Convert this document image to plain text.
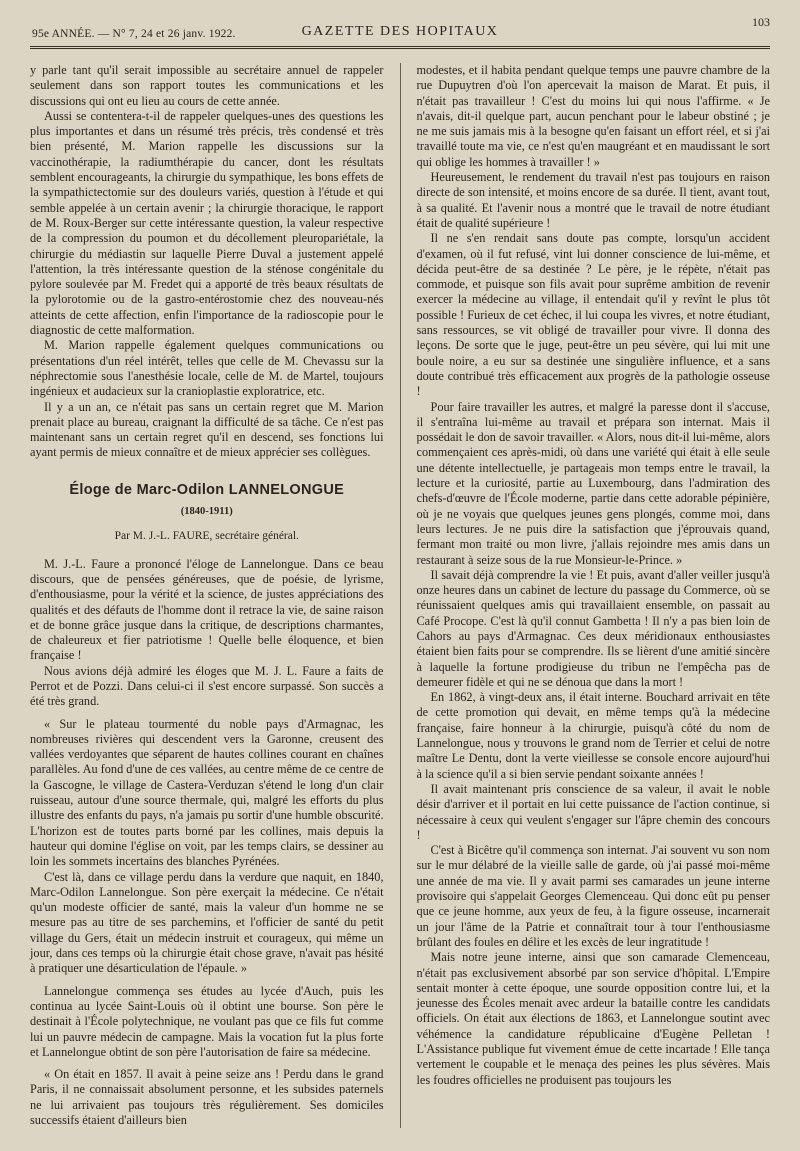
95e ANNÉE. — N° 7, 24 et 26 janv. 1922.	GAZETTE DES HOPITAUX
103

y parle tant qu'il serait impossible au secrétaire annuel de rappeler seulement dans son rapport toutes les communications et les discussions qui ont eu lieu au cours de cette année.

Aussi se contentera-t-il de rappeler quelques-unes des questions les plus importantes et dans un résumé très précis, très condensé et très bien présenté, M. Marion rappelle les discussions sur la vaccinothérapie, la radiumthérapie du cancer, dont les résultats semblent encourageants, la chirurgie du sympathique, les bons effets de la sympathictectomie sur des douleurs variés, question à l'étude et qui semble appelée à un certain avenir ; la chirurgie thoracique, le rapport de M. Roux-Berger sur cette intéressante question, la valeur respective de la compression du poumon et du décollement pleuropariétale, la chirurgie du médiastin sur laquelle Pierre Duval a justement appelé l'attention, la très intéressante question de la sténose congénitale du pylore soulevée par M. Fredet qui a apporté de très beaux résultats de la pylorotomie ou de la gastro-entérostomie chez des nouveau-nés atteints de cette affection, enfin l'importance de la radioscopie pour le diagnostic de cette malformation.

M. Marion rappelle également quelques communications ou présentations d'un réel intérêt, telles que celle de M. Chevassu sur la néphrectomie sous l'anesthésie locale, celle de M. de Martel, toujours ingénieux et audacieux sur la cranioplastie exploratrice, etc.

Il y a un an, ce n'était pas sans un certain regret que M. Marion prenait place au bureau, craignant la difficulté de sa tâche. Ce n'est pas maintenant sans un certain regret qu'il en descend, ses fonctions lui ayant permis de mieux connaître et de mieux apprécier ses collègues.

Éloge de Marc-Odilon LANNELONGUE
(1840-1911)
Par M. J.-L. FAURE, secrétaire général.

M. J.-L. Faure a prononcé l'éloge de Lannelongue. Dans ce beau discours, que de pensées généreuses, que de poésie, de lyrisme, d'enthousiasme, pour la vérité et la science, de justes appréciations des qualités et des défauts de l'homme dont il retrace la vie, de saine raison et de bonne grâce jusque dans la critique, de descriptions charmantes, de chaleureux et fier patriotisme ! Quelle belle éloquence, et bien française !

Nous avions déjà admiré les éloges que M. J. L. Faure a faits de Perrot et de Pozzi. Dans celui-ci il s'est encore surpassé. Son succès a été très grand.

« Sur le plateau tourmenté du noble pays d'Armagnac, les nombreuses rivières qui descendent vers la Garonne, creusent des vallées verdoyantes que séparent de hautes collines courant en chaînes parallèles. Au fond d'une de ces vallées, au centre même de ce centre de la Gascogne, le village de Castera-Verduzan s'étend le long d'un clair ruisseau, autour d'une source thermale, qui, malgré les efforts du plus illustre des enfants du pays, n'a jamais pu sortir d'une humble obscurité. L'horizon est de toutes parts borné par les collines, mais depuis la hauteur qui domine l'église on voit, par les temps clairs, se dessiner au loin les sommets incertains des blanches Pyrénées.

C'est là, dans ce village perdu dans la verdure que naquit, en 1840, Marc-Odilon Lannelongue. Son père exerçait la médecine. Ce n'était qu'un modeste officier de santé, mais la valeur d'un homme ne se mesure pas au titre de ses parchemins, et l'officier de santé du petit village du Gers, était un médecin instruit et courageux, qui même un jour, dans ces temps où la chirurgie était chose grave, n'avait pas hésité à pratiquer une désarticulation de l'épaule. »

Lannelongue commença ses études au lycée d'Auch, puis les continua au lycée Saint-Louis où il obtint une bourse. Son père le destinait à l'École polytechnique, ne voulant pas que ce fils fut comme lui un pauvre médecin de campagne. Mais la vocation fut la plus forte et Lannelongue obtint de son père l'autorisation de faire sa médecine.

« On était en 1857. Il avait à peine seize ans ! Perdu dans le grand Paris, il ne connaissait absolument personne, et les subsides paternels ne lui arrivaient pas toujours très régulièrement. Ses domiciles successifs étaient d'ailleurs bien

modestes, et il habita pendant quelque temps une pauvre chambre de la rue Dupuytren d'où l'on apercevait la maison de Marat. Et puis, il n'était pas travailleur ! C'est du moins lui qui nous l'affirme. « Je n'avais, dit-il quelque part, aucun penchant pour le labeur obstiné ; je ne me suis jamais mis à la besogne qu'en faisant un effort réel, et si j'ai travaillé toute ma vie, ce n'est qu'en maugréant et en maudissant le sort qui oblige les hommes à travailler ! »

Heureusement, le rendement du travail n'est pas toujours en raison directe de son intensité, et moins encore de sa durée. Il tient, avant tout, à sa qualité. Et l'avenir nous a montré que le travail de notre étudiant était de qualité supérieure !

Il ne s'en rendait sans doute pas compte, lorsqu'un accident d'examen, où il fut refusé, vint lui donner conscience de lui-même, et décida peut-être de sa destinée ? Le père, je le répète, n'était pas commode, et puisque son fils avait pour suprême ambition de revenir exercer la médecine au village, il entendait qu'il y revînt le plus tôt possible ! Furieux de cet échec, il lui coupa les vivres, et notre étudiant, sans ressources, se vit obligé de travailler pour vivre. Il donna des leçons. De sorte que le juge, peut-être un peu sévère, qui lui mit une boule noire, a eu sur sa destinée une singulière influence, et a sans doute contribué très efficacement aux progrès de la pathologie osseuse !

Pour faire travailler les autres, et malgré la paresse dont il s'accuse, il s'entraîna lui-même au travail et prépara son internat. Mais il possédait le don de savoir travailler. « Alors, nous dit-il lui-même, alors commençaient ces après-midi, où dans une variété qui était à elle seule une détente intellectuelle, je partageais mon temps entre le travail, la lecture et la curiosité, partie au Luxembourg, dans l'admiration des chefs-d'œuvre de l'École moderne, partie dans cette adorable pépinière, où je ne voyais que quelques jeunes gens plongés, comme moi, dans leurs lectures. Je ne puis dire la satisfaction que j'éprouvais quand, fermant mon traité ou mon livre, j'allais rejoindre mes amis dans un restaurant à seize sous de la rue Monsieur-le-Prince. »

Il savait déjà comprendre la vie ! Et puis, avant d'aller veiller jusqu'à onze heures dans un cabinet de lecture du passage du Commerce, où se réunissaient quelques amis qui travaillaient ensemble, on passait au Café Procope. C'est là qu'il connut Gambetta ! Il n'y a pas bien loin de Cahors au pays d'Armagnac. Ces deux méridionaux enthousiastes étaient bien faits pour se comprendre. Ils se lièrent d'une amitié sincère à laquelle la fortune prodigieuse du tribun ne l'empêcha pas de demeurer fidèle et qui ne se dénoua que dans la mort !

En 1862, à vingt-deux ans, il était interne. Bouchard arrivait en tête de cette promotion qui devait, en même temps qu'à la médecine française, faire honneur à la chirurgie, puisqu'à côté du nom de Lannelongue, nous y trouvons le grand nom de Terrier et celui de notre maître Le Dentu, dont la verte vieillesse se console encore aujourd'hui à la science qu'il a si bien servie pendant soixante années !

Il avait maintenant pris conscience de sa valeur, il avait le noble désir d'arriver et il portait en lui cette puissance de l'action continue, si nécessaire à ceux qui veulent s'engager sur l'âpre chemin des concours !

C'est à Bicêtre qu'il commença son internat. J'ai souvent vu son nom sur le mur délabré de la vieille salle de garde, où j'ai passé moi-même une année de ma vie. Il y avait parmi ses camarades un jeune interne provisoire qui s'appelait Georges Clemenceau. Qui donc eût pu penser que ce jeune homme, aux yeux de feu, à la figure osseuse, incarnerait un jour l'âme de la Patrie et connaîtrait tour à tour l'enthousiasme brûlant des foules en délire et les excès de leur ingratitude !

Mais notre jeune interne, ainsi que son camarade Clemenceau, n'était pas exclusivement absorbé par son service d'hôpital. L'Empire sentait monter à cette époque, une sourde opposition contre lui, et la jeunesse des Écoles menait avec ardeur la bataille contre les candidats officiels. On était aux élections de 1863, et Lannelongue soutint avec véhémence la candidature républicaine d'Eugène Pelletan ! L'Assistance publique fut vivement émue de cette incartade ! Elle tança vertement le coupable et le menaça des peines les plus sévères. Mais les foudres officielles ne produisent pas toujours les
